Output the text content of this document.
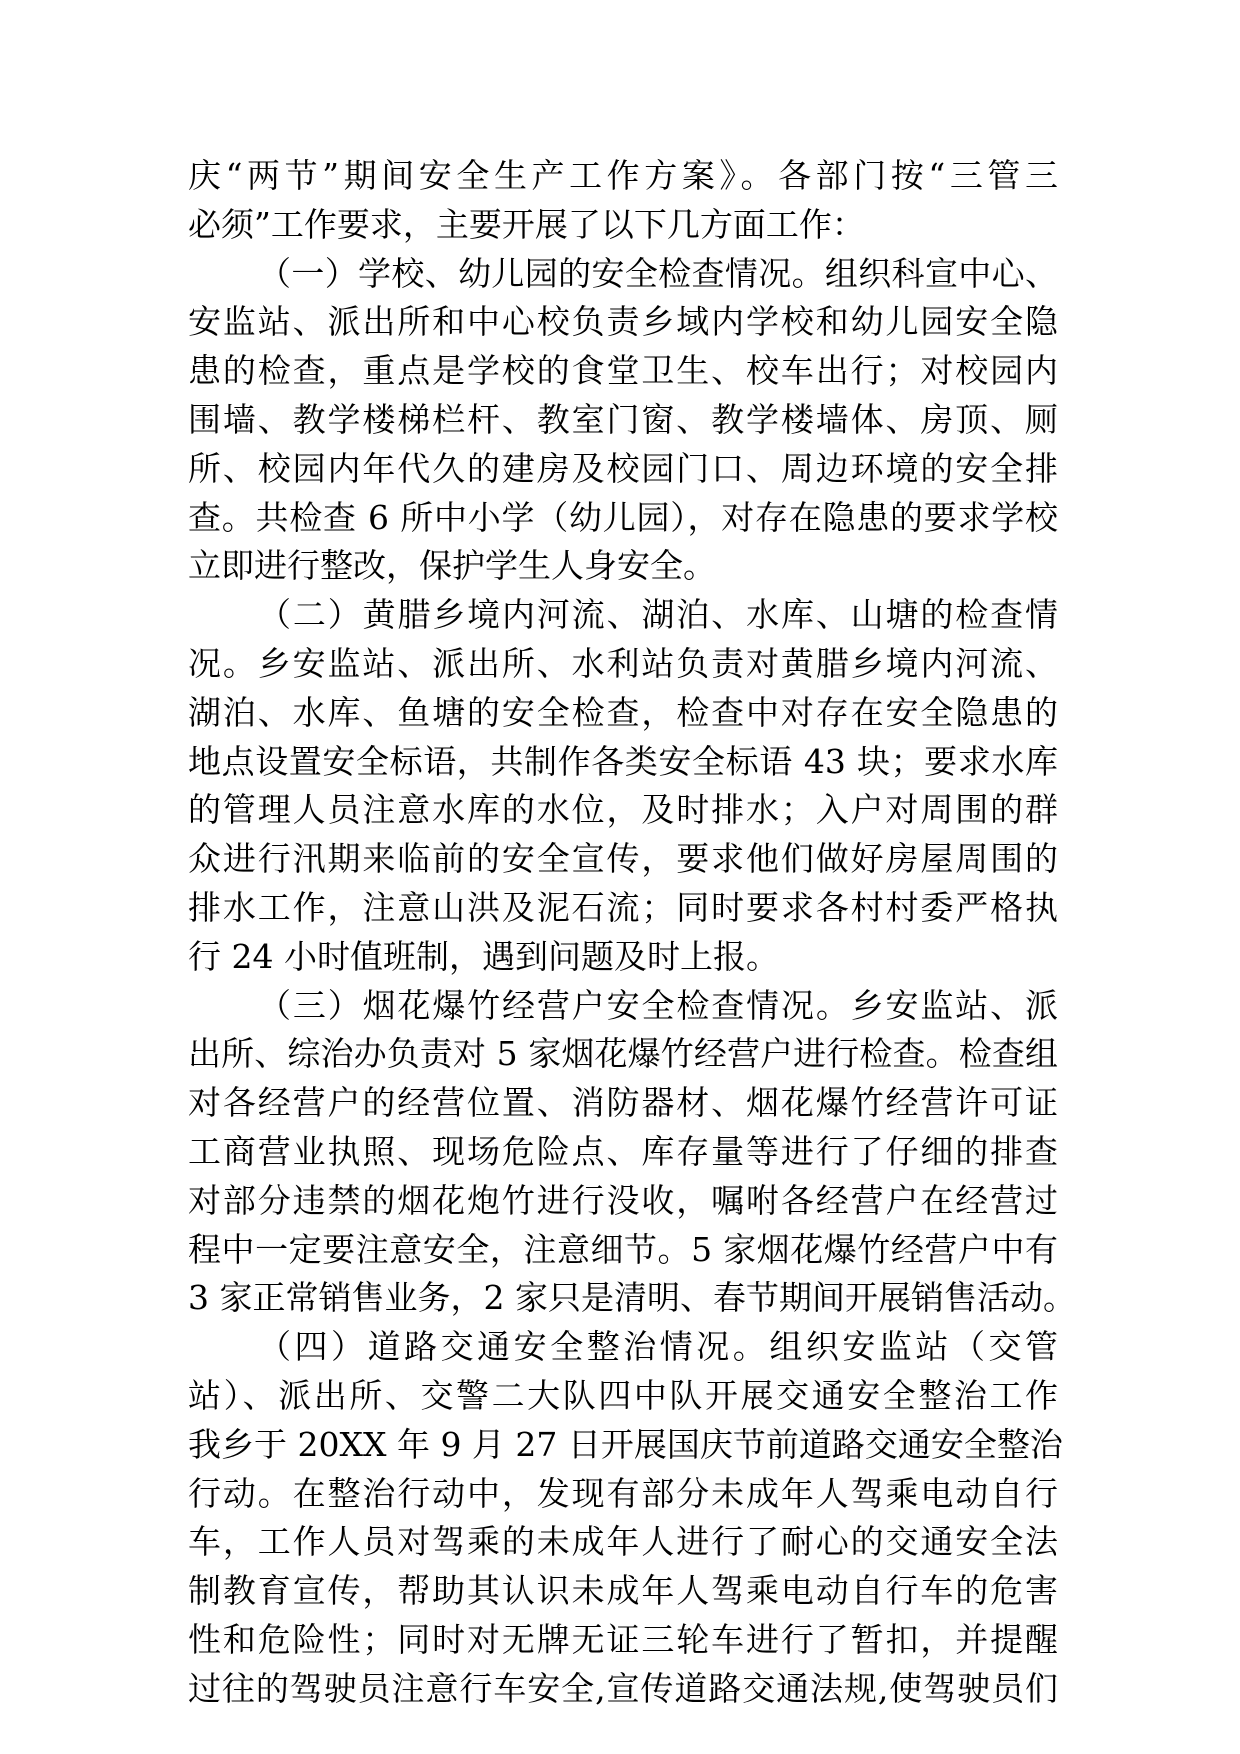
庆“两节”期间安全生产工作方案》。各部门按“三管三
必须”工作要求，主要开展了以下几方面工作：
（一）学校、幼儿园的安全检查情况。组织科宣中心、
安监站、派出所和中心校负责乡域内学校和幼儿园安全隐
患的检查，重点是学校的食堂卫生、校车出行；对校园内
围墙、教学楼梯栏杆、教室门窗、教学楼墙体、房顶、厕
所、校园内年代久的建房及校园门口、周边环境的安全排
查。共检查 6 所中小学（幼儿园），对存在隐患的要求学校
立即进行整改，保护学生人身安全。
（二）黄腊乡境内河流、湖泊、水库、山塘的检查情
况。乡安监站、派出所、水利站负责对黄腊乡境内河流、
湖泊、水库、鱼塘的安全检查，检查中对存在安全隐患的
地点设置安全标语，共制作各类安全标语 43 块；要求水库
的管理人员注意水库的水位，及时排水；入户对周围的群
众进行汛期来临前的安全宣传，要求他们做好房屋周围的
排水工作，注意山洪及泥石流；同时要求各村村委严格执
行 24 小时值班制，遇到问题及时上报。
（三）烟花爆竹经营户安全检查情况。乡安监站、派
出所、综治办负责对 5 家烟花爆竹经营户进行检查。检查组
对各经营户的经营位置、消防器材、烟花爆竹经营许可证
工商营业执照、现场危险点、库存量等进行了仔细的排查
对部分违禁的烟花炮竹进行没收，嘱咐各经营户在经营过
程中一定要注意安全，注意细节。5 家烟花爆竹经营户中有
3 家正常销售业务，2 家只是清明、春节期间开展销售活动。
（四）道路交通安全整治情况。组织安监站（交管
站）、派出所、交警二大队四中队开展交通安全整治工作
我乡于 20XX 年 9 月 27 日开展国庆节前道路交通安全整治
行动。在整治行动中，发现有部分未成年人驾乘电动自行
车，工作人员对驾乘的未成年人进行了耐心的交通安全法
制教育宣传，帮助其认识未成年人驾乘电动自行车的危害
性和危险性；同时对无牌无证三轮车进行了暂扣，并提醒
过往的驾驶员注意行车安全,宣传道路交通法规,使驾驶员们
